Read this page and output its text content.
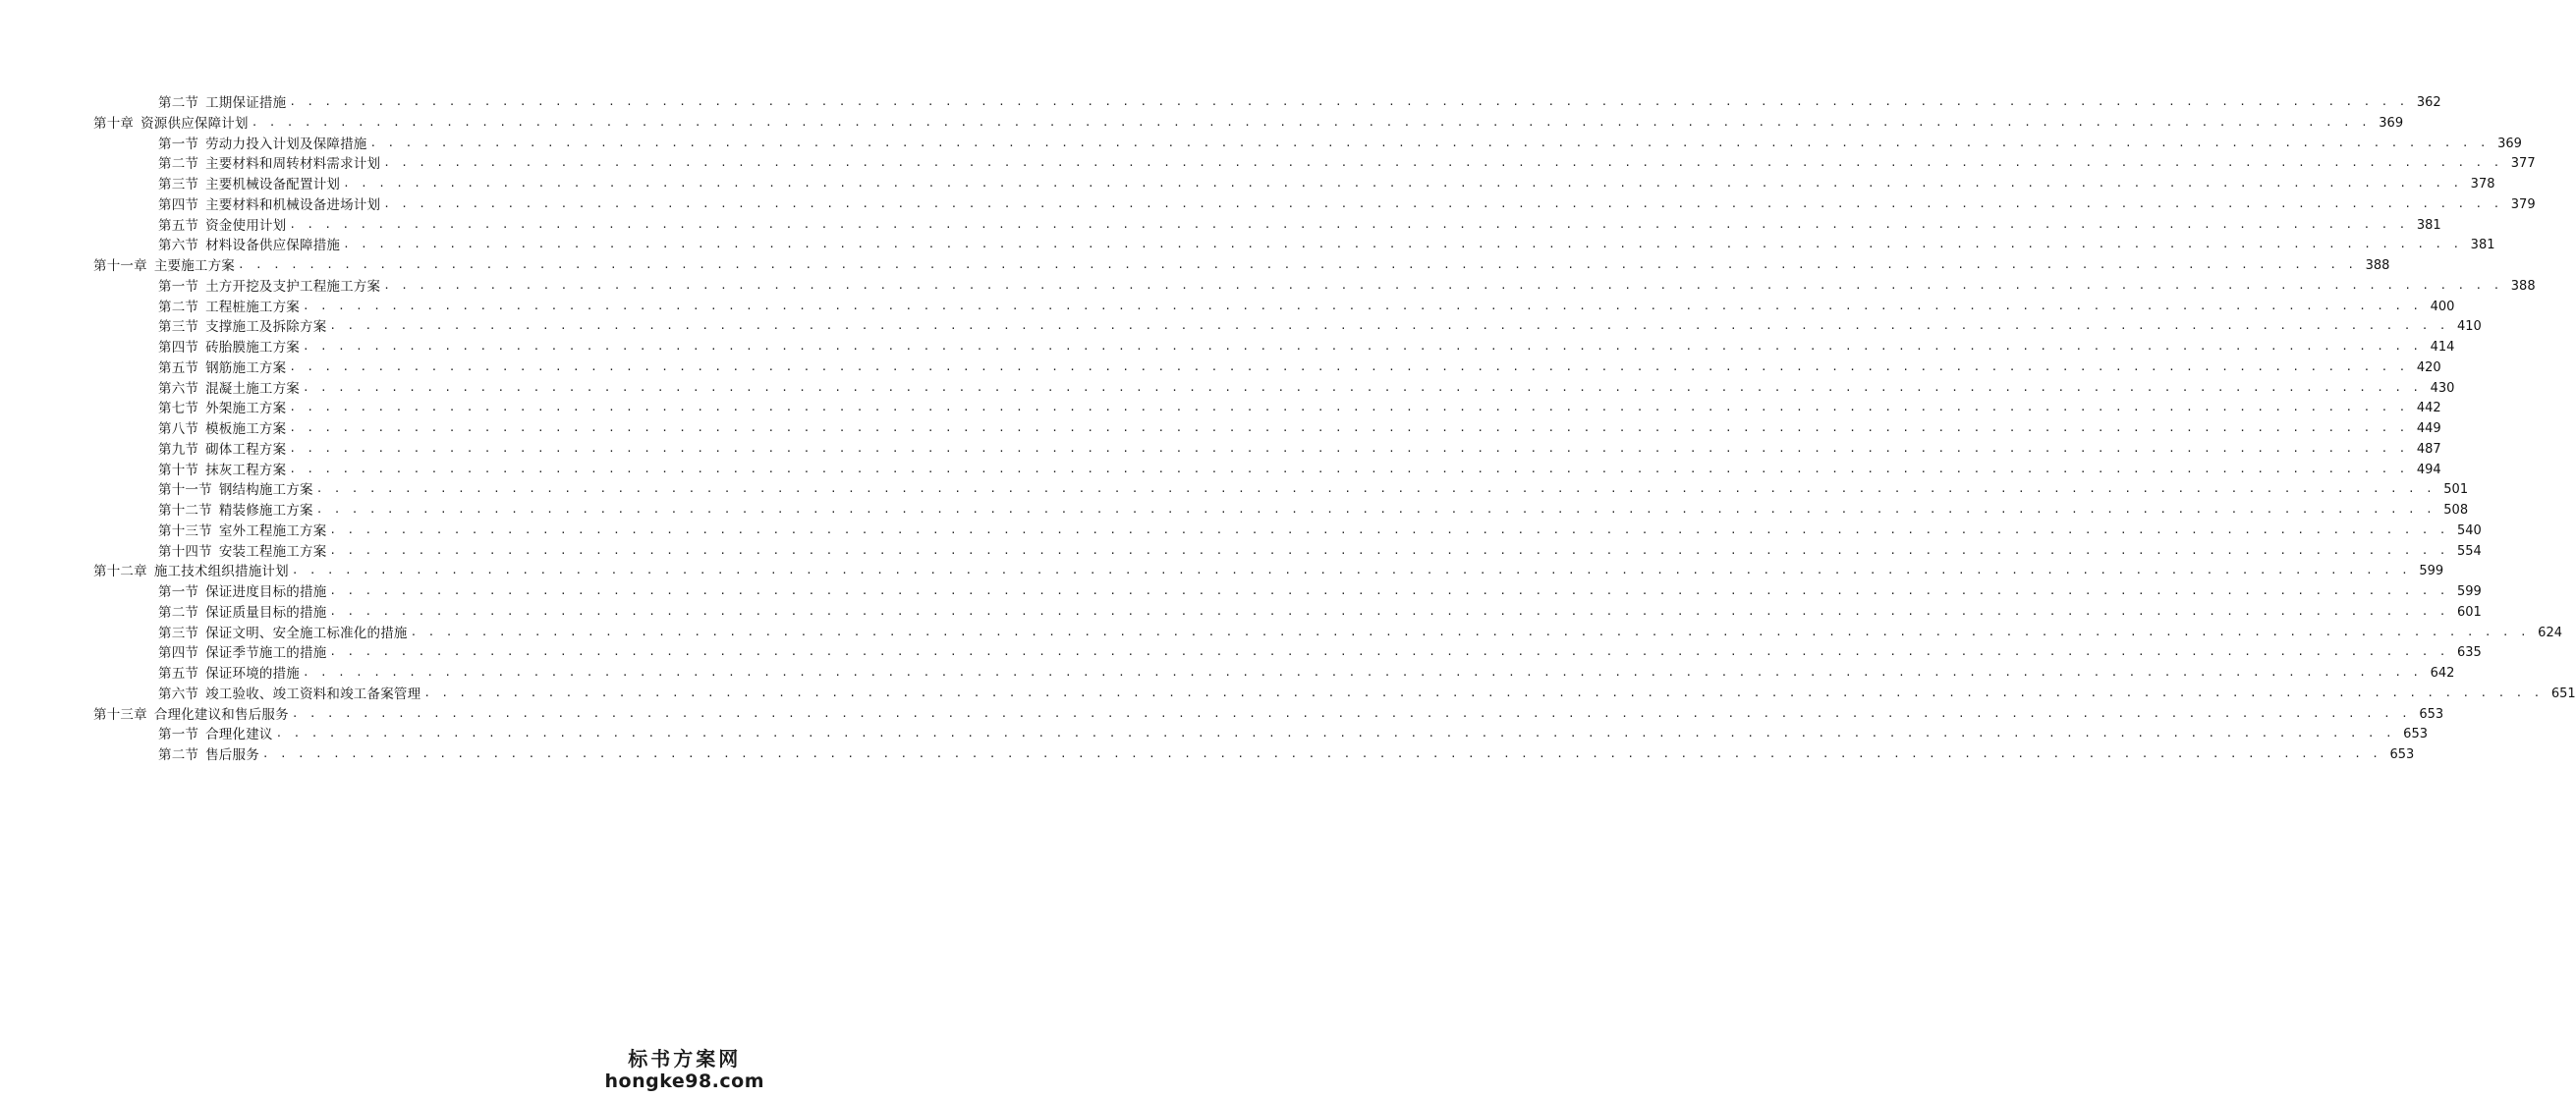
第二节 工期保证措施 . . . . . . . . . . . . . . . . . . . . . . . . . . . . . . . . . . . . . . . . . . . . . . . . . . . . . . . . . . . . . . . . . . . . . . . . . . . . . . . . . . . . . . . . . . . . . . . . . . . . . . . . . . . . . . . . . . . . . . . . 362
第十章 资源供应保障计划 . . . . . . . . . . . . . . . . . . . . . . . . . . . . . . . . . . . . . . . . . . . . . . . . . . . . . . . . . . . . . . . . . . . . . . . . . . . . . . . . . . . . . . . . . . . . . . . . . . . . . . . . . . . . . . . . . . . . . . . . 369
第一节 劳动力投入计划及保障措施 . . . . . . . . . . . . . . . . . . . . . . . . . . . . . . . . . . . . . . . . . . . . . . . . . . . . . . . . . . . . . . . . . . . . . . . . . . . . . . . . . . . . . . . . . . . . . . . . . . . . . . . . . . . . . . . . . . . . . . . . 369
第二节 主要材料和周转材料需求计划 . . . . . . . . . . . . . . . . . . . . . . . . . . . . . . . . . . . . . . . . . . . . . . . . . . . . . . . . . . . . . . . . . . . . . . . . . . . . . . . . . . . . . . . . . . . . . . . . . . . . . . . . . . . . . . . . . . . . . . . . 377
第三节 主要机械设备配置计划 . . . . . . . . . . . . . . . . . . . . . . . . . . . . . . . . . . . . . . . . . . . . . . . . . . . . . . . . . . . . . . . . . . . . . . . . . . . . . . . . . . . . . . . . . . . . . . . . . . . . . . . . . . . . . . . . . . . . . . . . 378
第四节 主要材料和机械设备进场计划 . . . . . . . . . . . . . . . . . . . . . . . . . . . . . . . . . . . . . . . . . . . . . . . . . . . . . . . . . . . . . . . . . . . . . . . . . . . . . . . . . . . . . . . . . . . . . . . . . . . . . . . . . . . . . . . . . . . . . . . . 379
第五节 资金使用计划 . . . . . . . . . . . . . . . . . . . . . . . . . . . . . . . . . . . . . . . . . . . . . . . . . . . . . . . . . . . . . . . . . . . . . . . . . . . . . . . . . . . . . . . . . . . . . . . . . . . . . . . . . . . . . . . . . . . . . . . . 381
第六节 材料设备供应保障措施 . . . . . . . . . . . . . . . . . . . . . . . . . . . . . . . . . . . . . . . . . . . . . . . . . . . . . . . . . . . . . . . . . . . . . . . . . . . . . . . . . . . . . . . . . . . . . . . . . . . . . . . . . . . . . . . . . . . . . . . . 381
第十一章 主要施工方案 . . . . . . . . . . . . . . . . . . . . . . . . . . . . . . . . . . . . . . . . . . . . . . . . . . . . . . . . . . . . . . . . . . . . . . . . . . . . . . . . . . . . . . . . . . . . . . . . . . . . . . . . . . . . . . . . . . . . . . . . 388
第一节 土方开挖及支护工程施工方案 . . . . . . . . . . . . . . . . . . . . . . . . . . . . . . . . . . . . . . . . . . . . . . . . . . . . . . . . . . . . . . . . . . . . . . . . . . . . . . . . . . . . . . . . . . . . . . . . . . . . . . . . . . . . . . . . . . . . . . . . 388
第二节 工程桩施工方案 . . . . . . . . . . . . . . . . . . . . . . . . . . . . . . . . . . . . . . . . . . . . . . . . . . . . . . . . . . . . . . . . . . . . . . . . . . . . . . . . . . . . . . . . . . . . . . . . . . . . . . . . . . . . . . . . . . . . . . . . 400
第三节 支撑施工及拆除方案 . . . . . . . . . . . . . . . . . . . . . . . . . . . . . . . . . . . . . . . . . . . . . . . . . . . . . . . . . . . . . . . . . . . . . . . . . . . . . . . . . . . . . . . . . . . . . . . . . . . . . . . . . . . . . . . . . . . . . . . . 410
第四节 砖胎膜施工方案 . . . . . . . . . . . . . . . . . . . . . . . . . . . . . . . . . . . . . . . . . . . . . . . . . . . . . . . . . . . . . . . . . . . . . . . . . . . . . . . . . . . . . . . . . . . . . . . . . . . . . . . . . . . . . . . . . . . . . . . . 414
第五节 钢筋施工方案 . . . . . . . . . . . . . . . . . . . . . . . . . . . . . . . . . . . . . . . . . . . . . . . . . . . . . . . . . . . . . . . . . . . . . . . . . . . . . . . . . . . . . . . . . . . . . . . . . . . . . . . . . . . . . . . . . . . . . . . . 420
第六节 混凝土施工方案 . . . . . . . . . . . . . . . . . . . . . . . . . . . . . . . . . . . . . . . . . . . . . . . . . . . . . . . . . . . . . . . . . . . . . . . . . . . . . . . . . . . . . . . . . . . . . . . . . . . . . . . . . . . . . . . . . . . . . . . . 430
第七节 外架施工方案 . . . . . . . . . . . . . . . . . . . . . . . . . . . . . . . . . . . . . . . . . . . . . . . . . . . . . . . . . . . . . . . . . . . . . . . . . . . . . . . . . . . . . . . . . . . . . . . . . . . . . . . . . . . . . . . . . . . . . . . . 442
第八节 模板施工方案 . . . . . . . . . . . . . . . . . . . . . . . . . . . . . . . . . . . . . . . . . . . . . . . . . . . . . . . . . . . . . . . . . . . . . . . . . . . . . . . . . . . . . . . . . . . . . . . . . . . . . . . . . . . . . . . . . . . . . . . . 449
第九节 砌体工程方案 . . . . . . . . . . . . . . . . . . . . . . . . . . . . . . . . . . . . . . . . . . . . . . . . . . . . . . . . . . . . . . . . . . . . . . . . . . . . . . . . . . . . . . . . . . . . . . . . . . . . . . . . . . . . . . . . . . . . . . . . 487
第十节 抹灰工程方案 . . . . . . . . . . . . . . . . . . . . . . . . . . . . . . . . . . . . . . . . . . . . . . . . . . . . . . . . . . . . . . . . . . . . . . . . . . . . . . . . . . . . . . . . . . . . . . . . . . . . . . . . . . . . . . . . . . . . . . . . 494
第十一节 钢结构施工方案 . . . . . . . . . . . . . . . . . . . . . . . . . . . . . . . . . . . . . . . . . . . . . . . . . . . . . . . . . . . . . . . . . . . . . . . . . . . . . . . . . . . . . . . . . . . . . . . . . . . . . . . . . . . . . . . . . . . . . . . . 501
第十二节 精装修施工方案 . . . . . . . . . . . . . . . . . . . . . . . . . . . . . . . . . . . . . . . . . . . . . . . . . . . . . . . . . . . . . . . . . . . . . . . . . . . . . . . . . . . . . . . . . . . . . . . . . . . . . . . . . . . . . . . . . . . . . . . . 508
第十三节 室外工程施工方案 . . . . . . . . . . . . . . . . . . . . . . . . . . . . . . . . . . . . . . . . . . . . . . . . . . . . . . . . . . . . . . . . . . . . . . . . . . . . . . . . . . . . . . . . . . . . . . . . . . . . . . . . . . . . . . . . . . . . . . . . 540
第十四节 安装工程施工方案 . . . . . . . . . . . . . . . . . . . . . . . . . . . . . . . . . . . . . . . . . . . . . . . . . . . . . . . . . . . . . . . . . . . . . . . . . . . . . . . . . . . . . . . . . . . . . . . . . . . . . . . . . . . . . . . . . . . . . . . . 554
第十二章 施工技术组织措施计划 . . . . . . . . . . . . . . . . . . . . . . . . . . . . . . . . . . . . . . . . . . . . . . . . . . . . . . . . . . . . . . . . . . . . . . . . . . . . . . . . . . . . . . . . . . . . . . . . . . . . . . . . . . . . . . . . . . . . . . . . 599
第一节 保证进度目标的措施 . . . . . . . . . . . . . . . . . . . . . . . . . . . . . . . . . . . . . . . . . . . . . . . . . . . . . . . . . . . . . . . . . . . . . . . . . . . . . . . . . . . . . . . . . . . . . . . . . . . . . . . . . . . . . . . . . . . . . . . . 599
第二节 保证质量目标的措施 . . . . . . . . . . . . . . . . . . . . . . . . . . . . . . . . . . . . . . . . . . . . . . . . . . . . . . . . . . . . . . . . . . . . . . . . . . . . . . . . . . . . . . . . . . . . . . . . . . . . . . . . . . . . . . . . . . . . . . . . 601
第三节 保证文明、安全施工标准化的措施 . . . . . . . . . . . . . . . . . . . . . . . . . . . . . . . . . . . . . . . . . . . . . . . . . . . . . . . . . . . . . . . . . . . . . . . . . . . . . . . . . . . . . . . . . . . . . . . . . . . . . . . . . . . . . . . . . . . . . . . . 624
第四节 保证季节施工的措施 . . . . . . . . . . . . . . . . . . . . . . . . . . . . . . . . . . . . . . . . . . . . . . . . . . . . . . . . . . . . . . . . . . . . . . . . . . . . . . . . . . . . . . . . . . . . . . . . . . . . . . . . . . . . . . . . . . . . . . . . 635
第五节 保证环境的措施 . . . . . . . . . . . . . . . . . . . . . . . . . . . . . . . . . . . . . . . . . . . . . . . . . . . . . . . . . . . . . . . . . . . . . . . . . . . . . . . . . . . . . . . . . . . . . . . . . . . . . . . . . . . . . . . . . . . . . . . . 642
第六节 竣工验收、竣工资料和竣工备案管理 . . . . . . . . . . . . . . . . . . . . . . . . . . . . . . . . . . . . . . . . . . . . . . . . . . . . . . . . . . . . . . . . . . . . . . . . . . . . . . . . . . . . . . . . . . . . . . . . . . . . . . . . . . . . . . . . . . . . . . . . 651
第十三章 合理化建议和售后服务 . . . . . . . . . . . . . . . . . . . . . . . . . . . . . . . . . . . . . . . . . . . . . . . . . . . . . . . . . . . . . . . . . . . . . . . . . . . . . . . . . . . . . . . . . . . . . . . . . . . . . . . . . . . . . . . . . . . . . . . . 653
第一节 合理化建议 . . . . . . . . . . . . . . . . . . . . . . . . . . . . . . . . . . . . . . . . . . . . . . . . . . . . . . . . . . . . . . . . . . . . . . . . . . . . . . . . . . . . . . . . . . . . . . . . . . . . . . . . . . . . . . . . . . . . . . . . 653
第二节 售后服务 . . . . . . . . . . . . . . . . . . . . . . . . . . . . . . . . . . . . . . . . . . . . . . . . . . . . . . . . . . . . . . . . . . . . . . . . . . . . . . . . . . . . . . . . . . . . . . . . . . . . . . . . . . . . . . . . . . . . . . . . 653
标书方案网
hongke98.com
